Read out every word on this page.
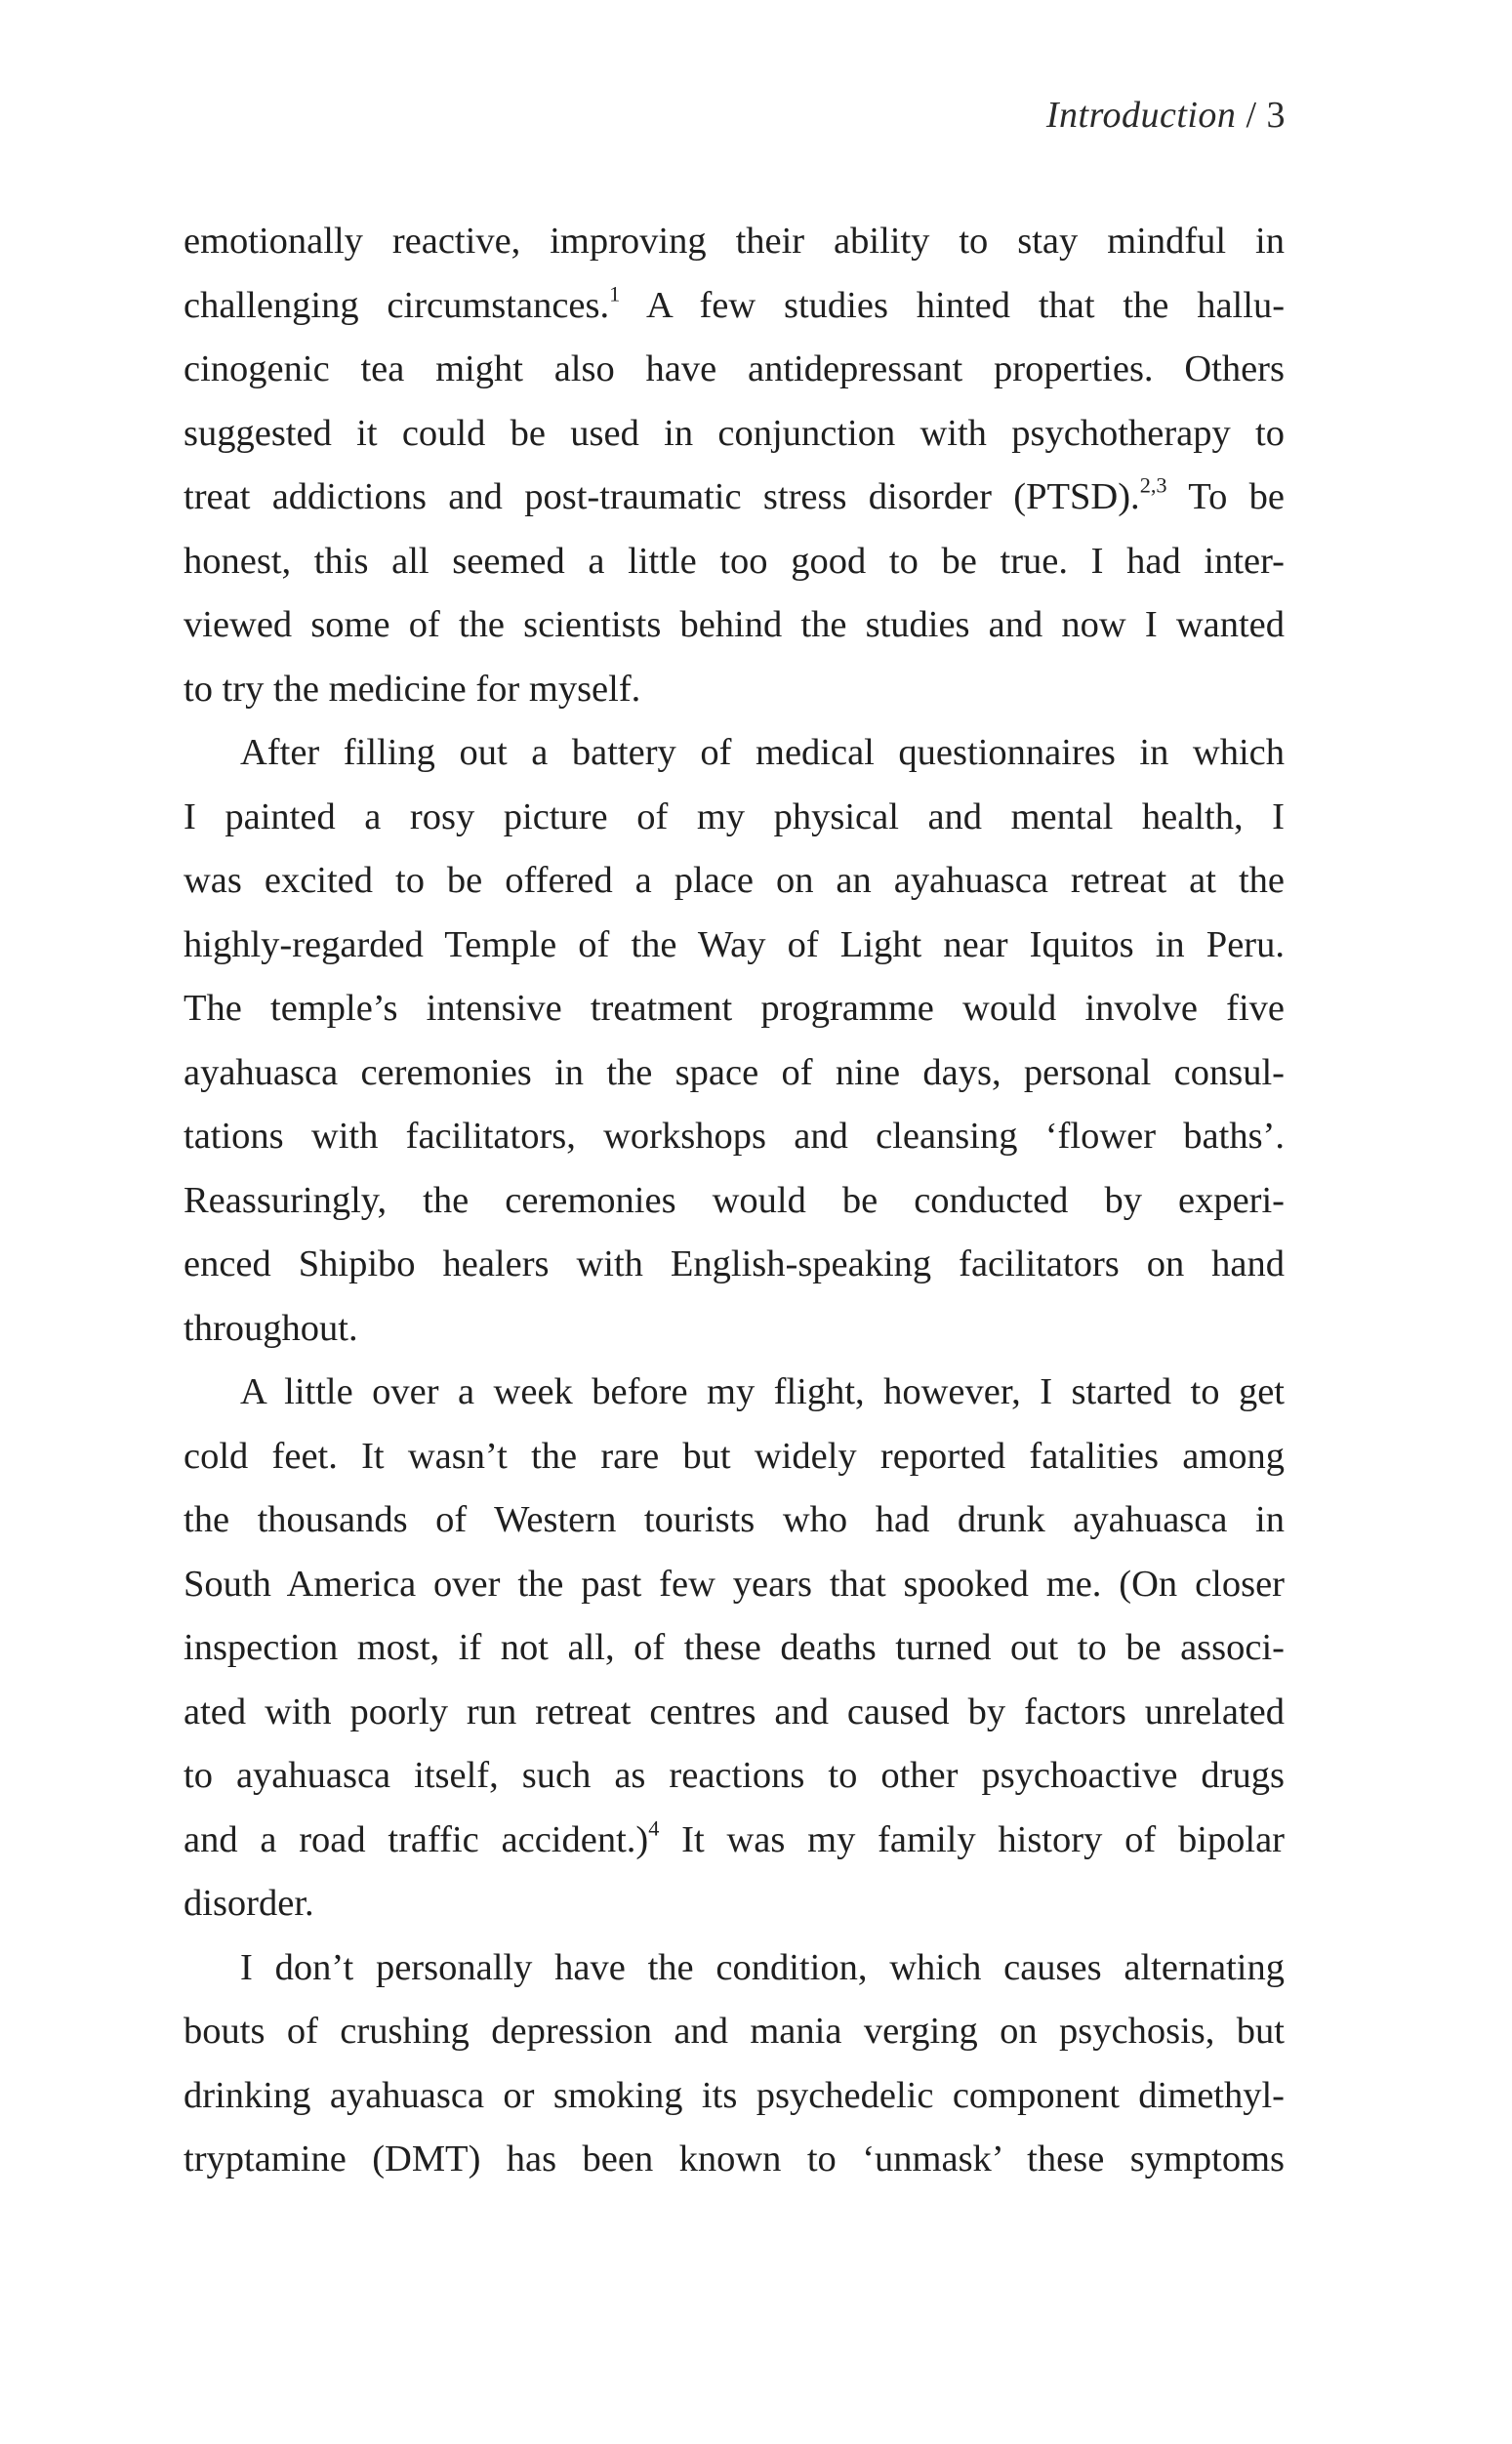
Introduction / 3
emotionally reactive, improving their ability to stay mindful in
challenging circumstances.$^1$ A few studies hinted that the hallu-
cinogenic tea might also have antidepressant properties. Others
suggested it could be used in conjunction with psychotherapy to
treat addictions and post-traumatic stress disorder (PTSD).$^{2,3}$ To be
honest, this all seemed a little too good to be true. I had inter-
viewed some of the scientists behind the studies and now I wanted
to try the medicine for myself.
After filling out a battery of medical questionnaires in which
I painted a rosy picture of my physical and mental health, I
was excited to be offered a place on an ayahuasca retreat at the
highly-regarded Temple of the Way of Light near Iquitos in Peru.
The temple’s intensive treatment programme would involve five
ayahuasca ceremonies in the space of nine days, personal consul-
tations with facilitators, workshops and cleansing ‘flower baths’.
Reassuringly, the ceremonies would be conducted by experi-
enced Shipibo healers with English-speaking facilitators on hand
throughout.
A little over a week before my flight, however, I started to get
cold feet. It wasn’t the rare but widely reported fatalities among
the thousands of Western tourists who had drunk ayahuasca in
South America over the past few years that spooked me. (On closer
inspection most, if not all, of these deaths turned out to be associ-
ated with poorly run retreat centres and caused by factors unrelated
to ayahuasca itself, such as reactions to other psychoactive drugs
and a road traffic accident.)$^4$ It was my family history of bipolar
disorder.
I don’t personally have the condition, which causes alternating
bouts of crushing depression and mania verging on psychosis, but
drinking ayahuasca or smoking its psychedelic component dimethyl-
tryptamine (DMT) has been known to ‘unmask’ these symptoms
